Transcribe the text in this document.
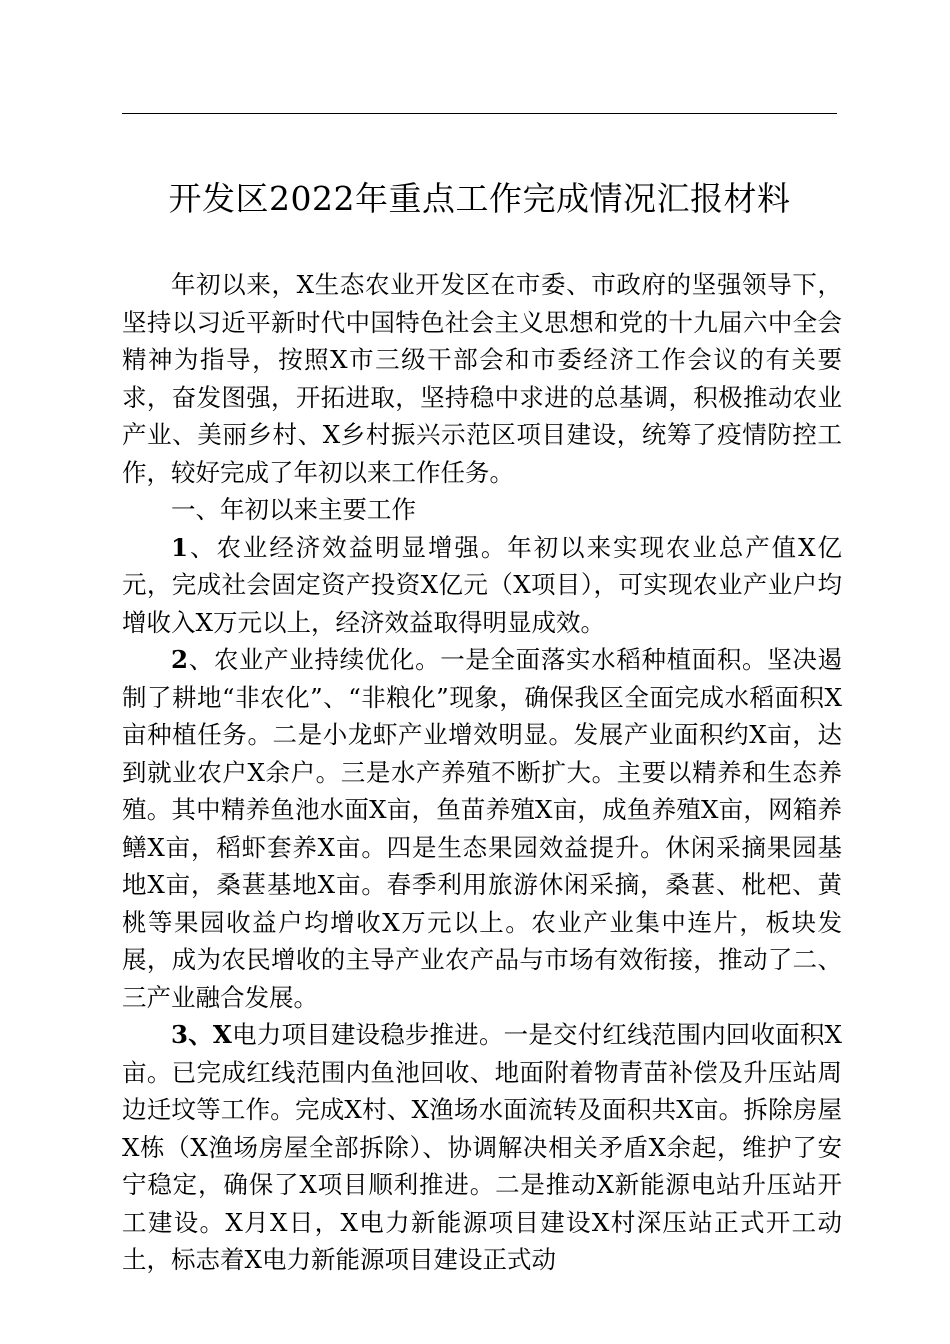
开发区2022年重点工作完成情况汇报材料

年初以来，X生态农业开发区在市委、市政府的坚强领导下，坚持以习近平新时代中国特色社会主义思想和党的十九届六中全会精神为指导，按照X市三级干部会和市委经济工作会议的有关要求，奋发图强，开拓进取，坚持稳中求进的总基调，积极推动农业产业、美丽乡村、X乡村振兴示范区项目建设，统筹了疫情防控工作，较好完成了年初以来工作任务。

一、年初以来主要工作

1、农业经济效益明显增强。年初以来实现农业总产值X亿元，完成社会固定资产投资X亿元（X项目），可实现农业产业户均增收入X万元以上，经济效益取得明显成效。

2、农业产业持续优化。一是全面落实水稻种植面积。坚决遏制了耕地“非农化”、“非粮化”现象，确保我区全面完成水稻面积X亩种植任务。二是小龙虾产业增效明显。发展产业面积约X亩，达到就业农户X余户。三是水产养殖不断扩大。主要以精养和生态养殖。其中精养鱼池水面X亩，鱼苗养殖X亩，成鱼养殖X亩，网箱养鳝X亩，稻虾套养X亩。四是生态果园效益提升。休闲采摘果园基地X亩，桑葚基地X亩。春季利用旅游休闲采摘，桑葚、枇杷、黄桃等果园收益户均增收X万元以上。农业产业集中连片，板块发展，成为农民增收的主导产业农产品与市场有效衔接，推动了二、三产业融合发展。

3、X电力项目建设稳步推进。一是交付红线范围内回收面积X亩。已完成红线范围内鱼池回收、地面附着物青苗补偿及升压站周边迁坟等工作。完成X村、X渔场水面流转及面积共X亩。拆除房屋X栋（X渔场房屋全部拆除）、协调解决相关矛盾X余起，维护了安宁稳定，确保了X项目顺利推进。二是推动X新能源电站升压站开工建设。X月X日，X电力新能源项目建设X村深压站正式开工动土，标志着X电力新能源项目建设正式动
